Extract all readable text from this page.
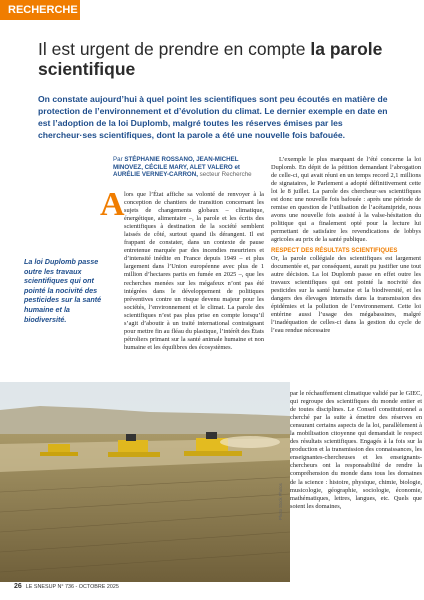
RECHERCHE
Il est urgent de prendre en compte la parole scientifique
On constate aujourd’hui à quel point les scientifiques sont peu écoutés en matière de protection de l’environnement et d’évolution du climat. Le dernier exemple en date en est l’adoption de la loi Duplomb, malgré toutes les réserves émises par les chercheur·ses scientifiques, dont la parole a été une nouvelle fois bafouée.
Par STÉPHANIE ROSSANO, JEAN-MICHEL MINOVEZ, CÉCILE MARY, ALET VALERO et AURÉLIE VERNEY-CARRON, secteur Recherche
A lors que l’État affiche sa volonté de renvoyer à la conception de chantiers de transition concernant les sujets de changements globaux – climatique, énergétique, alimentaire –, la parole et les écrits des scientifiques à destination de la société semblent laissés de côté, surtout quand ils dérangent. Il est frappant de constater, dans un contexte de pause entretenue marquée par des incendies meurtriers et d’intensité inédite en France depuis 1949 – et plus largement dans l’Union européenne avec plus de 1 million d’hectares partis en fumée en 2025 –, que les recherches menées sur les mégafeux n’ont pas été intégrées dans le développement de politiques préventives contre un risque devenu majeur pour les sociétés, l’environnement et le climat. La parole des scientifiques n’est pas plus prise en compte lorsqu’il s’agit d’aboutir à un traité international contraignant pour mettre fin au fléau du plastique, l’intérêt des États pétroliers primant sur la santé animale humaine et non humaine et les équilibres des écosystèmes.
L’exemple le plus marquant de l’été concerne la loi Duplomb. En dépit de la pétition demandant l’abrogation de celle-ci, qui avait réuni en un temps record 2,1 millions de signataires, le Parlement a adopté définitivement cette loi le 8 juillet. La parole des chercheur·ses scientifiques est donc une nouvelle fois bafouée : après une période de remise en question de l’utilisation de l’acétamipride, nous avons une nouvelle fois assisté à la valse-hésitation du politique qui a finalement opté pour la lecture lui permettant de satisfaire les revendications de lobbys agricoles au prix de la santé publique.
RESPECT DES RÉSULTATS SCIENTIFIQUES
Or, la parole collégiale des scientifiques est largement documentée et, par conséquent, aurait pu justifier une tout autre décision. La loi Duplomb passe en effet outre les travaux scientifiques qui ont pointé la nocivité des pesticides sur la santé humaine et la biodiversité, et les dangers des élevages intensifs dans la transmission des épidémies et la pollution de l’environnement. Cette loi entérine aussi l’usage des mégabassines, malgré l’inadéquation de celles-ci dans la gestion du cycle de l’eau rendue nécessaire
par le réchauffement climatique validé par le GIEC, qui regroupe des scientifiques du monde entier et de toutes disciplines. Le Conseil constitutionnel a cherché par la suite à émettre des réserves en censurant certains aspects de la loi, parallèlement à la mobilisation citoyenne qui demandait le respect des résultats scientifiques. Engagés à la fois sur la production et la transmission des connaissances, les enseignantes-chercheuses et les enseignants-chercheurs ont la responsabilité de rendre la compréhension du monde dans tous les domaines de la science : histoire, physique, chimie, biologie, musicologie, géographie, sociologie, économie, mathématiques, lettres, langues, etc. Quels que soient les domaines,
La loi Duplomb passe outre les travaux scientifiques qui ont pointé la nocivité des pesticides sur la santé humaine et la biodiversité.
Photo Stock Photos
26 LE SNESUP N° 736 - OCTOBRE 2025
